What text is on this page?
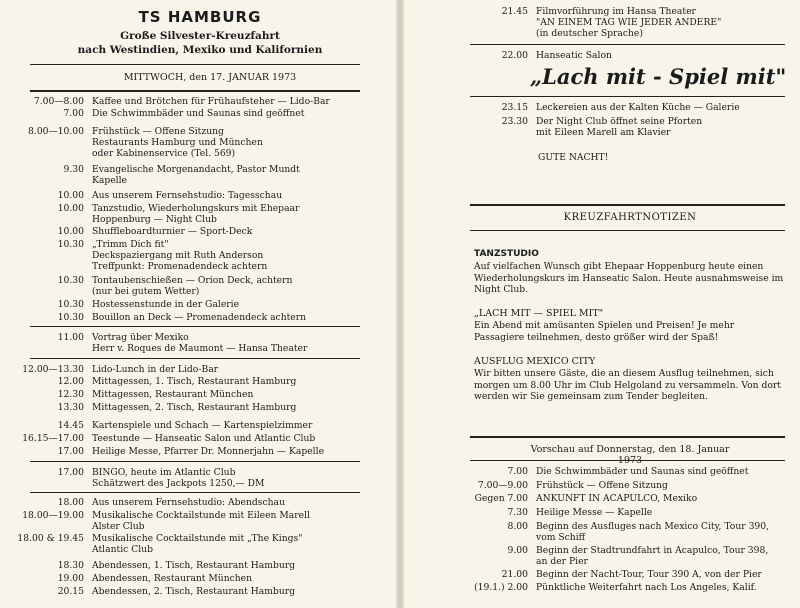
TS HAMBURG
Große Silvester-Kreuzfahrt
nach Westindien, Mexiko und Kalifornien
MITTWOCH, den 17. JANUAR 1973
7.00—8.00 Kaffee und Brötchen für Frühaufsteher — Lido-Bar
7.00 Die Schwimmbäder und Saunas sind geöffnet
8.00—10.00 Frühstück — Offene Sitzung
Restaurants Hamburg und München
oder Kabinenservice (Tel. 569)
9.30 Evangelische Morgenandacht, Pastor Mundt
Kapelle
10.00 Aus unserem Fernsehstudio: Tagesschau
10.00 Tanzstudio, Wiederholungskurs mit Ehepaar
Hoppenburg — Night Club
10.00 Shuffleboardturnier — Sport-Deck
10.30 „Trimm Dich fit"
Deckspaziergang mit Ruth Anderson
Treffpunkt: Promenadendeck achtern
10.30 Tontaubenschießen — Orion Deck, achtern
(nur bei gutem Wetter)
10.30 Hostessenstunde in der Galerie
10.30 Bouillon an Deck — Promenadendeck achtern
11.00 Vortrag über Mexiko
Herr v. Roques de Maumont — Hansa Theater
12.00—13.30 Lido-Lunch in der Lido-Bar
12.00 Mittagessen, 1. Tisch, Restaurant Hamburg
12.30 Mittagessen, Restaurant München
13.30 Mittagessen, 2. Tisch, Restaurant Hamburg
14.45 Kartenspiele und Schach — Kartenspielzimmer
16.15—17.00 Teestunde — Hanseatic Salon und Atlantic Club
17.00 Heilige Messe, Pfarrer Dr. Monnerjahn — Kapelle
17.00 BINGO, heute im Atlantic Club
Schätzwert des Jackpots 1250,— DM
18.00 Aus unserem Fernsehstudio: Abendschau
18.00—19.00 Musikalische Cocktailstunde mit Eileen Marell
Alster Club
18.00 & 19.45 Musikalische Cocktailstunde mit „The Kings"
Atlantic Club
18.30 Abendessen, 1. Tisch, Restaurant Hamburg
19.00 Abendessen, Restaurant München
20.15 Abendessen, 2. Tisch, Restaurant Hamburg
21.45 Filmvorführung im Hansa Theater
"AN EINEM TAG WIE JEDER ANDERE"
(in deutscher Sprache)
22.00 Hanseatic Salon
„Lach mit - Spiel mit"
23.15 Leckereien aus der Kalten Küche — Galerie
23.30 Der Night Club öffnet seine Pforten
mit Eileen Marell am Klavier
GUTE NACHT!
KREUZFAHRTNOTIZEN
TANZSTUDIO
Auf vielfachen Wunsch gibt Ehepaar Hoppenburg heute einen Wiederholungskurs im Hanseatic Salon. Heute ausnahmsweise im Night Club.
„LACH MIT — SPIEL MIT"
Ein Abend mit amüsanten Spielen und Preisen! Je mehr Passagiere teilnehmen, desto größer wird der Spaß!
AUSFLUG MEXICO CITY
Wir bitten unsere Gäste, die an diesem Ausflug teilnehmen, sich morgen um 8.00 Uhr im Club Helgoland zu versammeln. Von dort werden wir Sie gemeinsam zum Tender begleiten.
Vorschau auf Donnerstag, den 18. Januar 1973
7.00 Die Schwimmbäder und Saunas sind geöffnet
7.00—9.00 Frühstück — Offene Sitzung
Gegen 7.00 ANKUNFT IN ACAPULCO, Mexiko
7.30 Heilige Messe — Kapelle
8.00 Beginn des Ausfluges nach Mexico City, Tour 390,
vom Schiff
9.00 Beginn der Stadtrundfahrt in Acapulco, Tour 398,
an der Pier
21.00 Beginn der Nacht-Tour, Tour 390 A, von der Pier
(19.1.) 2.00 Pünktliche Weiterfahrt nach Los Angeles, Kalif.
